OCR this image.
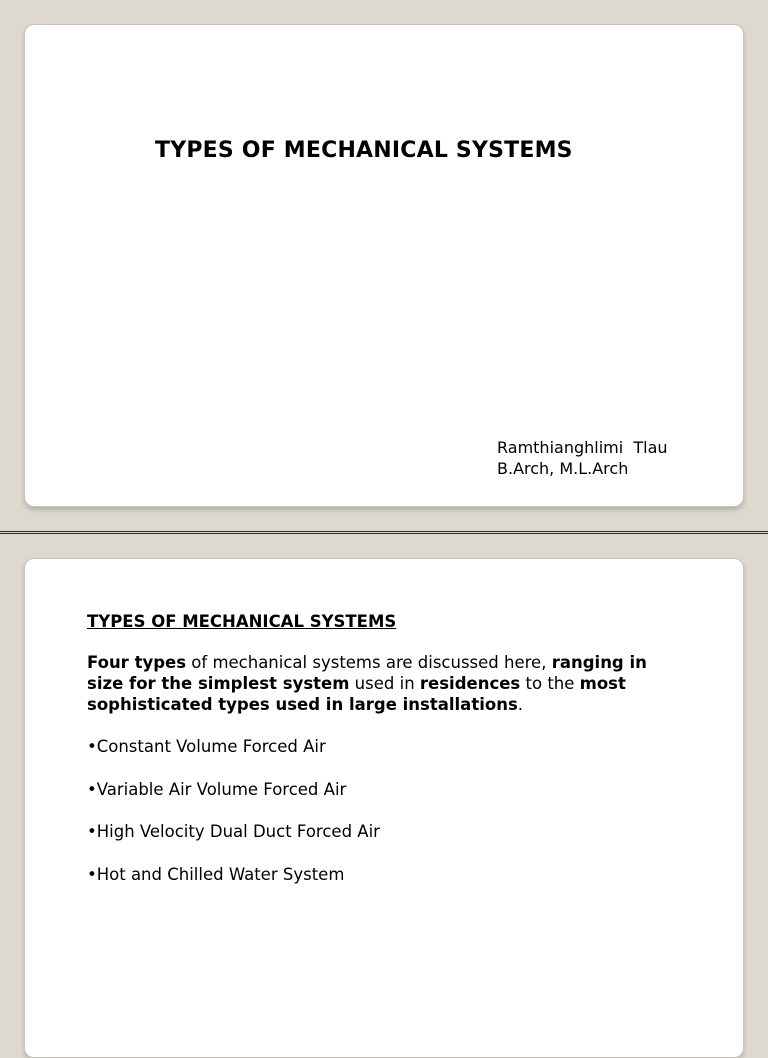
TYPES OF MECHANICAL SYSTEMS
Ramthianghlimi  Tlau
B.Arch, M.L.Arch
TYPES OF MECHANICAL SYSTEMS

Four types of mechanical systems are discussed here, ranging in size for the simplest system used in residences to the most sophisticated types used in large installations.

•Constant Volume Forced Air
•Variable Air Volume Forced Air
•High Velocity Dual Duct Forced Air
•Hot and Chilled Water System
